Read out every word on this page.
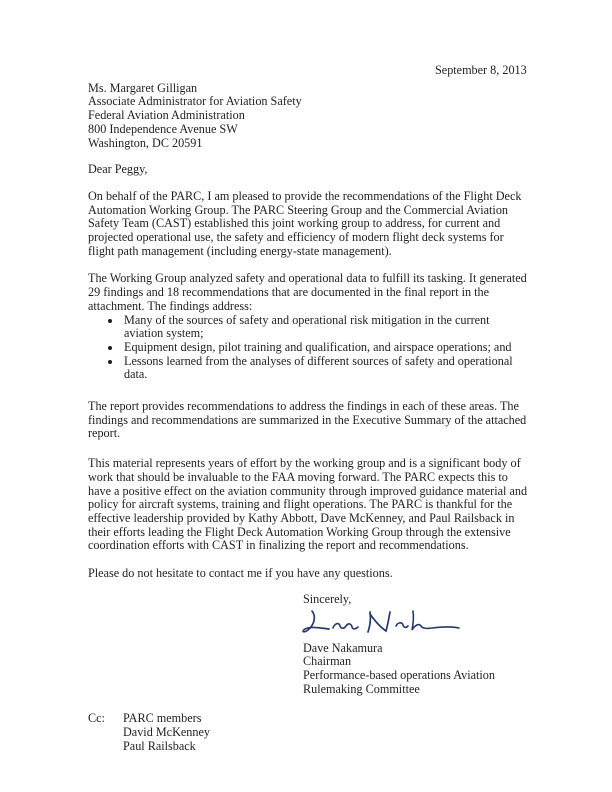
September 8, 2013
Ms. Margaret Gilligan
Associate Administrator for Aviation Safety
Federal Aviation Administration
800 Independence Avenue SW
Washington, DC 20591

Dear Peggy,

On behalf of the PARC, I am pleased to provide the recommendations of the Flight Deck Automation Working Group. The PARC Steering Group and the Commercial Aviation Safety Team (CAST) established this joint working group to address, for current and projected operational use, the safety and efficiency of modern flight deck systems for flight path management (including energy-state management).

The Working Group analyzed safety and operational data to fulfill its tasking. It generated 29 findings and 18 recommendations that are documented in the final report in the attachment. The findings address:

• Many of the sources of safety and operational risk mitigation in the current aviation system;
• Equipment design, pilot training and qualification, and airspace operations; and
• Lessons learned from the analyses of different sources of safety and operational data.

The report provides recommendations to address the findings in each of these areas. The findings and recommendations are summarized in the Executive Summary of the attached report.

This material represents years of effort by the working group and is a significant body of work that should be invaluable to the FAA moving forward. The PARC expects this to have a positive effect on the aviation community through improved guidance material and policy for aircraft systems, training and flight operations. The PARC is thankful for the effective leadership provided by Kathy Abbott, Dave McKenney, and Paul Railsback in their efforts leading the Flight Deck Automation Working Group through the extensive coordination efforts with CAST in finalizing the report and recommendations.

Please do not hesitate to contact me if you have any questions.

Sincerely,
Dave Nakamura
Chairman
Performance-based operations Aviation
Rulemaking Committee
Cc:	PARC members
David McKenney
Paul Railsback
